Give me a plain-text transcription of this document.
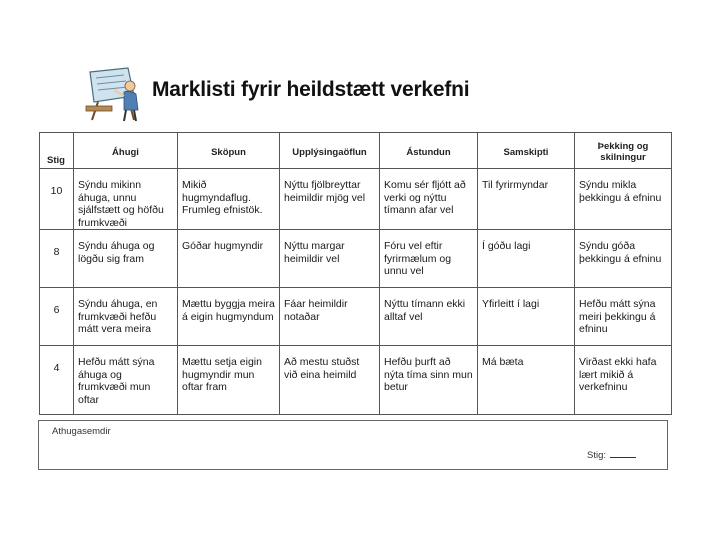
Marklisti fyrir heildstætt verkefni
Stig	Áhugi	Sköpun	Upplýsingaöflun	Ástundun	Samskipti	Þekking og skilningur
10	Sýndu mikinn áhuga, unnu sjálfstætt og höfðu frumkvæði	Mikið hugmyndaflug. Frumleg efnistök.	Nýttu fjölbreyttar heimildir mjög vel	Komu sér fljótt að verki og nýttu tímann afar vel	Til fyrirmyndar	Sýndu mikla þekkingu á efninu
8	Sýndu áhuga og lögðu sig fram	Góðar hugmyndir	Nýttu margar heimildir vel	Fóru vel eftir fyrirmælum og unnu vel	Í góðu lagi	Sýndu góða þekkingu á efninu
6	Sýndu áhuga, en frumkvæði hefðu mátt vera meira	Mættu byggja meira á eigin hugmyndum	Fáar heimildir notaðar	Nýttu tímann ekki alltaf vel	Yfirleitt í lagi	Hefðu mátt sýna meiri þekkingu á efninu
4	Hefðu mátt sýna áhuga og frumkvæði mun oftar	Mættu setja eigin hugmyndir mun oftar fram	Að mestu stuðst við eina heimild	Hefðu þurft að nýta tíma sinn mun betur	Má bæta	Virðast ekki hafa lært mikið á verkefninu
Athugasemdir
Stig:
